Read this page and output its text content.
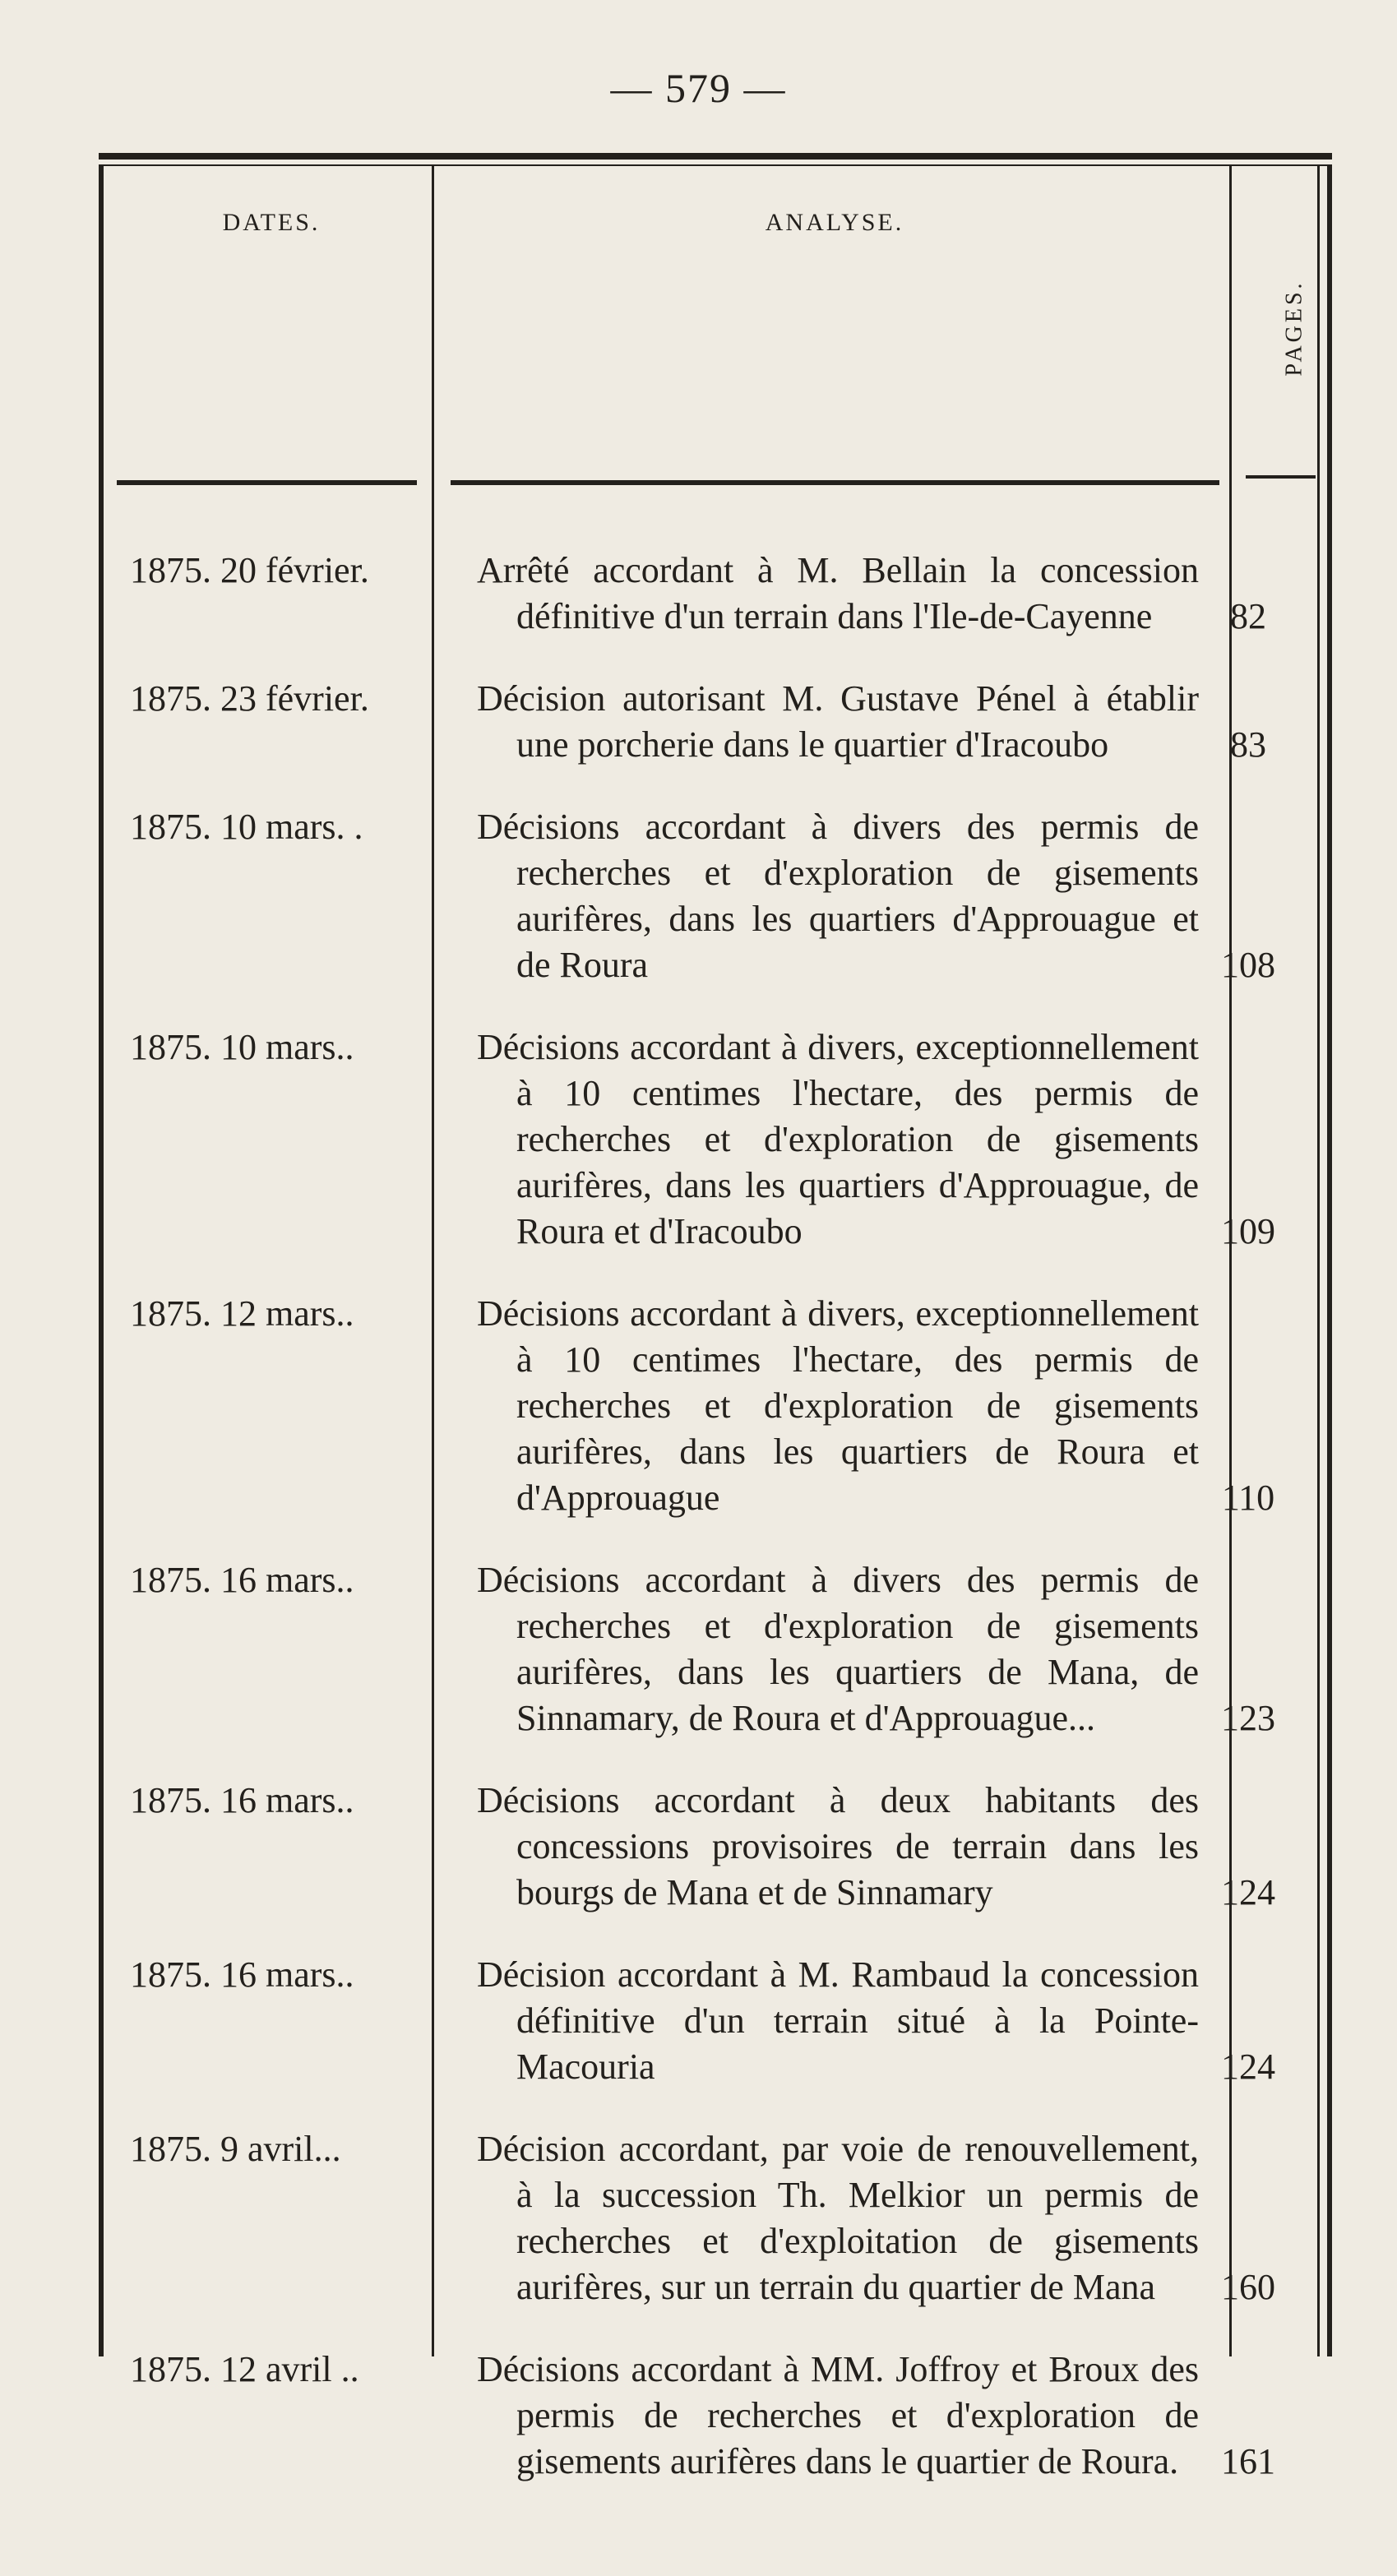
— 579 —
DATES.	ANALYSE.
PAGES.
1875. 20 février.	Arrêté accordant à M. Bellain la concession définitive d'un terrain dans l'Ile-de-Cayenne	82
1875. 23 février.	Décision autorisant M. Gustave Pénel à établir une porcherie dans le quartier d'Iracoubo	83
1875. 10 mars. .	Décisions accordant à divers des permis de recherches et d'exploration de gisements aurifères, dans les quartiers d'Approuague et de Roura	108
1875. 10 mars..	Décisions accordant à divers, exceptionnellement à 10 centimes l'hectare, des permis de recherches et d'exploration de gisements aurifères, dans les quartiers d'Approuague, de Roura et d'Iracoubo	109
1875. 12 mars..	Décisions accordant à divers, exceptionnellement à 10 centimes l'hectare, des permis de recherches et d'exploration de gisements aurifères, dans les quartiers de Roura et d'Approuague	110
1875. 16 mars..	Décisions accordant à divers des permis de recherches et d'exploration de gisements aurifères, dans les quartiers de Mana, de Sinnamary, de Roura et d'Approuague...	123
1875. 16 mars..	Décisions accordant à deux habitants des concessions provisoires de terrain dans les bourgs de Mana et de Sinnamary	124
1875. 16 mars..	Décision accordant à M. Rambaud la concession définitive d'un terrain situé à la Pointe-Macouria	124
1875. 9 avril...	Décision accordant, par voie de renouvellement, à la succession Th. Melkior un permis de recherches et d'exploitation de gisements aurifères, sur un terrain du quartier de Mana	160
1875. 12 avril ..	Décisions accordant à MM. Joffroy et Broux des permis de recherches et d'exploration de gisements aurifères dans le quartier de Roura.	161
